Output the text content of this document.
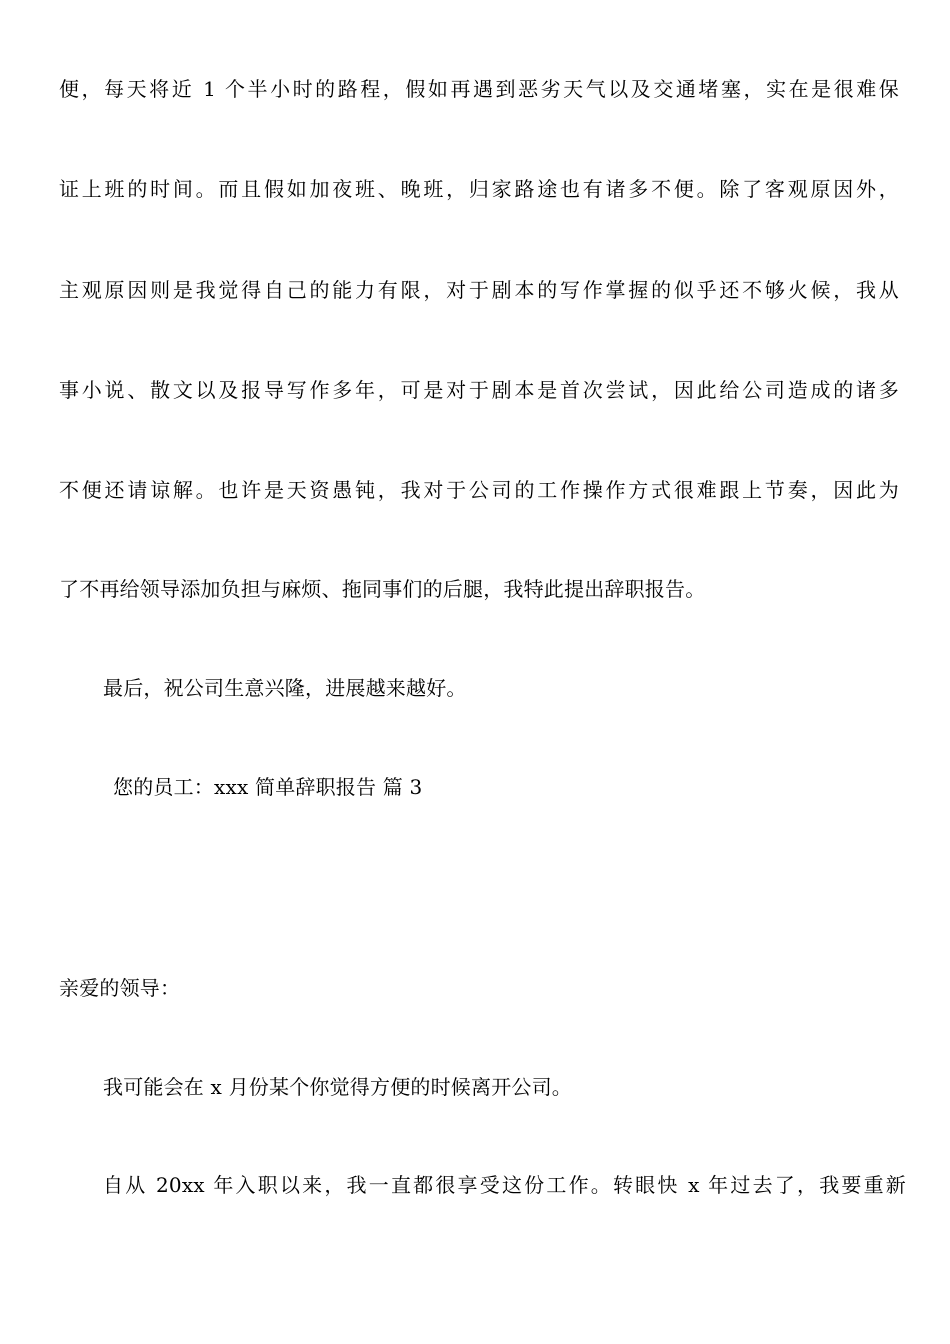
便，每天将近 1 个半小时的路程，假如再遇到恶劣天气以及交通堵塞，实在是很难保
证上班的时间。而且假如加夜班、晚班，归家路途也有诸多不便。除了客观原因外，
主观原因则是我觉得自己的能力有限，对于剧本的写作掌握的似乎还不够火候，我从
事小说、散文以及报导写作多年，可是对于剧本是首次尝试，因此给公司造成的诸多
不便还请谅解。也许是天资愚钝，我对于公司的工作操作方式很难跟上节奏，因此为
了不再给领导添加负担与麻烦、拖同事们的后腿，我特此提出辞职报告。
最后，祝公司生意兴隆，进展越来越好。
您的员工：xxx 简单辞职报告 篇 3
亲爱的领导：
我可能会在 x 月份某个你觉得方便的时候离开公司。
自从 20xx 年入职以来，我一直都很享受这份工作。转眼快 x 年过去了，我要重新
